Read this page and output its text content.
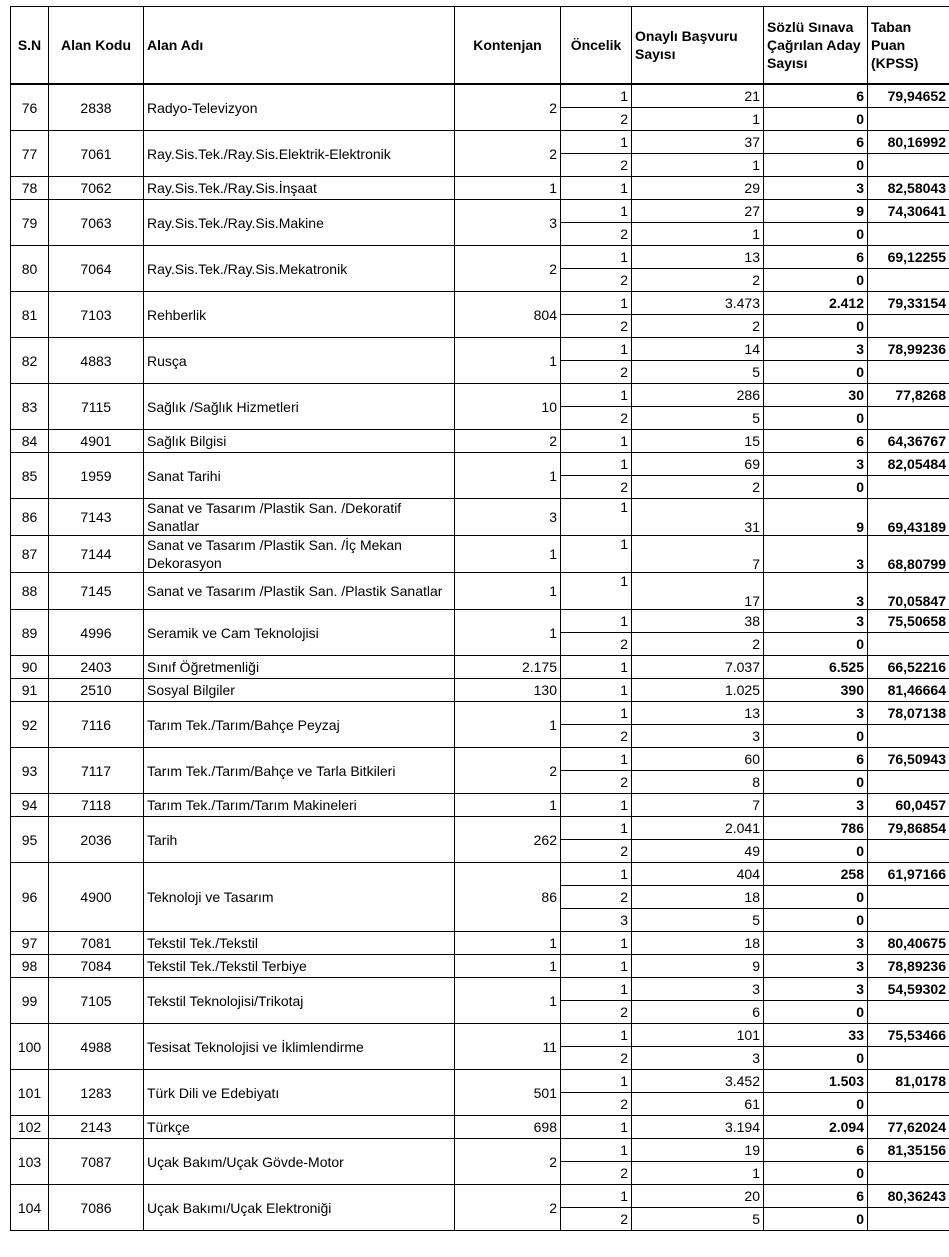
S.N	Alan Kodu	Alan Adı	Kontenjan	Öncelik	Onaylı Başvuru Sayısı	Sözlü Sınava Çağrılan Aday Sayısı	Taban Puan (KPSS)
76	2838	Radyo-Televizyon	2	1	21	6	79,94652
				2	1	0	
77	7061	Ray.Sis.Tek./Ray.Sis.Elektrik-Elektronik	2	1	37	6	80,16992
				2	1	0	
78	7062	Ray.Sis.Tek./Ray.Sis.İnşaat	1	1	29	3	82,58043
79	7063	Ray.Sis.Tek./Ray.Sis.Makine	3	1	27	9	74,30641
				2	1	0	
80	7064	Ray.Sis.Tek./Ray.Sis.Mekatronik	2	1	13	6	69,12255
				2	2	0	
81	7103	Rehberlik	804	1	3.473	2.412	79,33154
				2	2	0	
82	4883	Rusça	1	1	14	3	78,99236
				2	5	0	
83	7115	Sağlık /Sağlık Hizmetleri	10	1	286	30	77,8268
				2	5	0	
84	4901	Sağlık Bilgisi	2	1	15	6	64,36767
85	1959	Sanat Tarihi	1	1	69	3	82,05484
				2	2	0	
86	7143	Sanat ve Tasarım /Plastik San. /Dekoratif Sanatlar	3	1	31	9	69,43189
87	7144	Sanat ve Tasarım /Plastik San. /İç Mekan Dekorasyon	1	1	7	3	68,80799
88	7145	Sanat ve Tasarım /Plastik San. /Plastik Sanatlar	1	1	17	3	70,05847
89	4996	Seramik ve Cam Teknolojisi	1	1	38	3	75,50658
				2	2	0	
90	2403	Sınıf Öğretmenliği	2.175	1	7.037	6.525	66,52216
91	2510	Sosyal Bilgiler	130	1	1.025	390	81,46664
92	7116	Tarım Tek./Tarım/Bahçe Peyzaj	1	1	13	3	78,07138
				2	3	0	
93	7117	Tarım Tek./Tarım/Bahçe ve Tarla Bitkileri	2	1	60	6	76,50943
				2	8	0	
94	7118	Tarım Tek./Tarım/Tarım Makineleri	1	1	7	3	60,0457
95	2036	Tarih	262	1	2.041	786	79,86854
				2	49	0	
96	4900	Teknoloji ve Tasarım	86	1	404	258	61,97166
				2	18	0	
				3	5	0	
97	7081	Tekstil Tek./Tekstil	1	1	18	3	80,40675
98	7084	Tekstil Tek./Tekstil Terbiye	1	1	9	3	78,89236
99	7105	Tekstil Teknolojisi/Trikotaj	1	1	3	3	54,59302
				2	6	0	
100	4988	Tesisat Teknolojisi ve İklimlendirme	11	1	101	33	75,53466
				2	3	0	
101	1283	Türk Dili ve Edebiyatı	501	1	3.452	1.503	81,0178
				2	61	0	
102	2143	Türkçe	698	1	3.194	2.094	77,62024
103	7087	Uçak Bakım/Uçak Gövde-Motor	2	1	19	6	81,35156
				2	1	0	
104	7086	Uçak Bakımı/Uçak Elektroniği	2	1	20	6	80,36243
				2	5	0	
